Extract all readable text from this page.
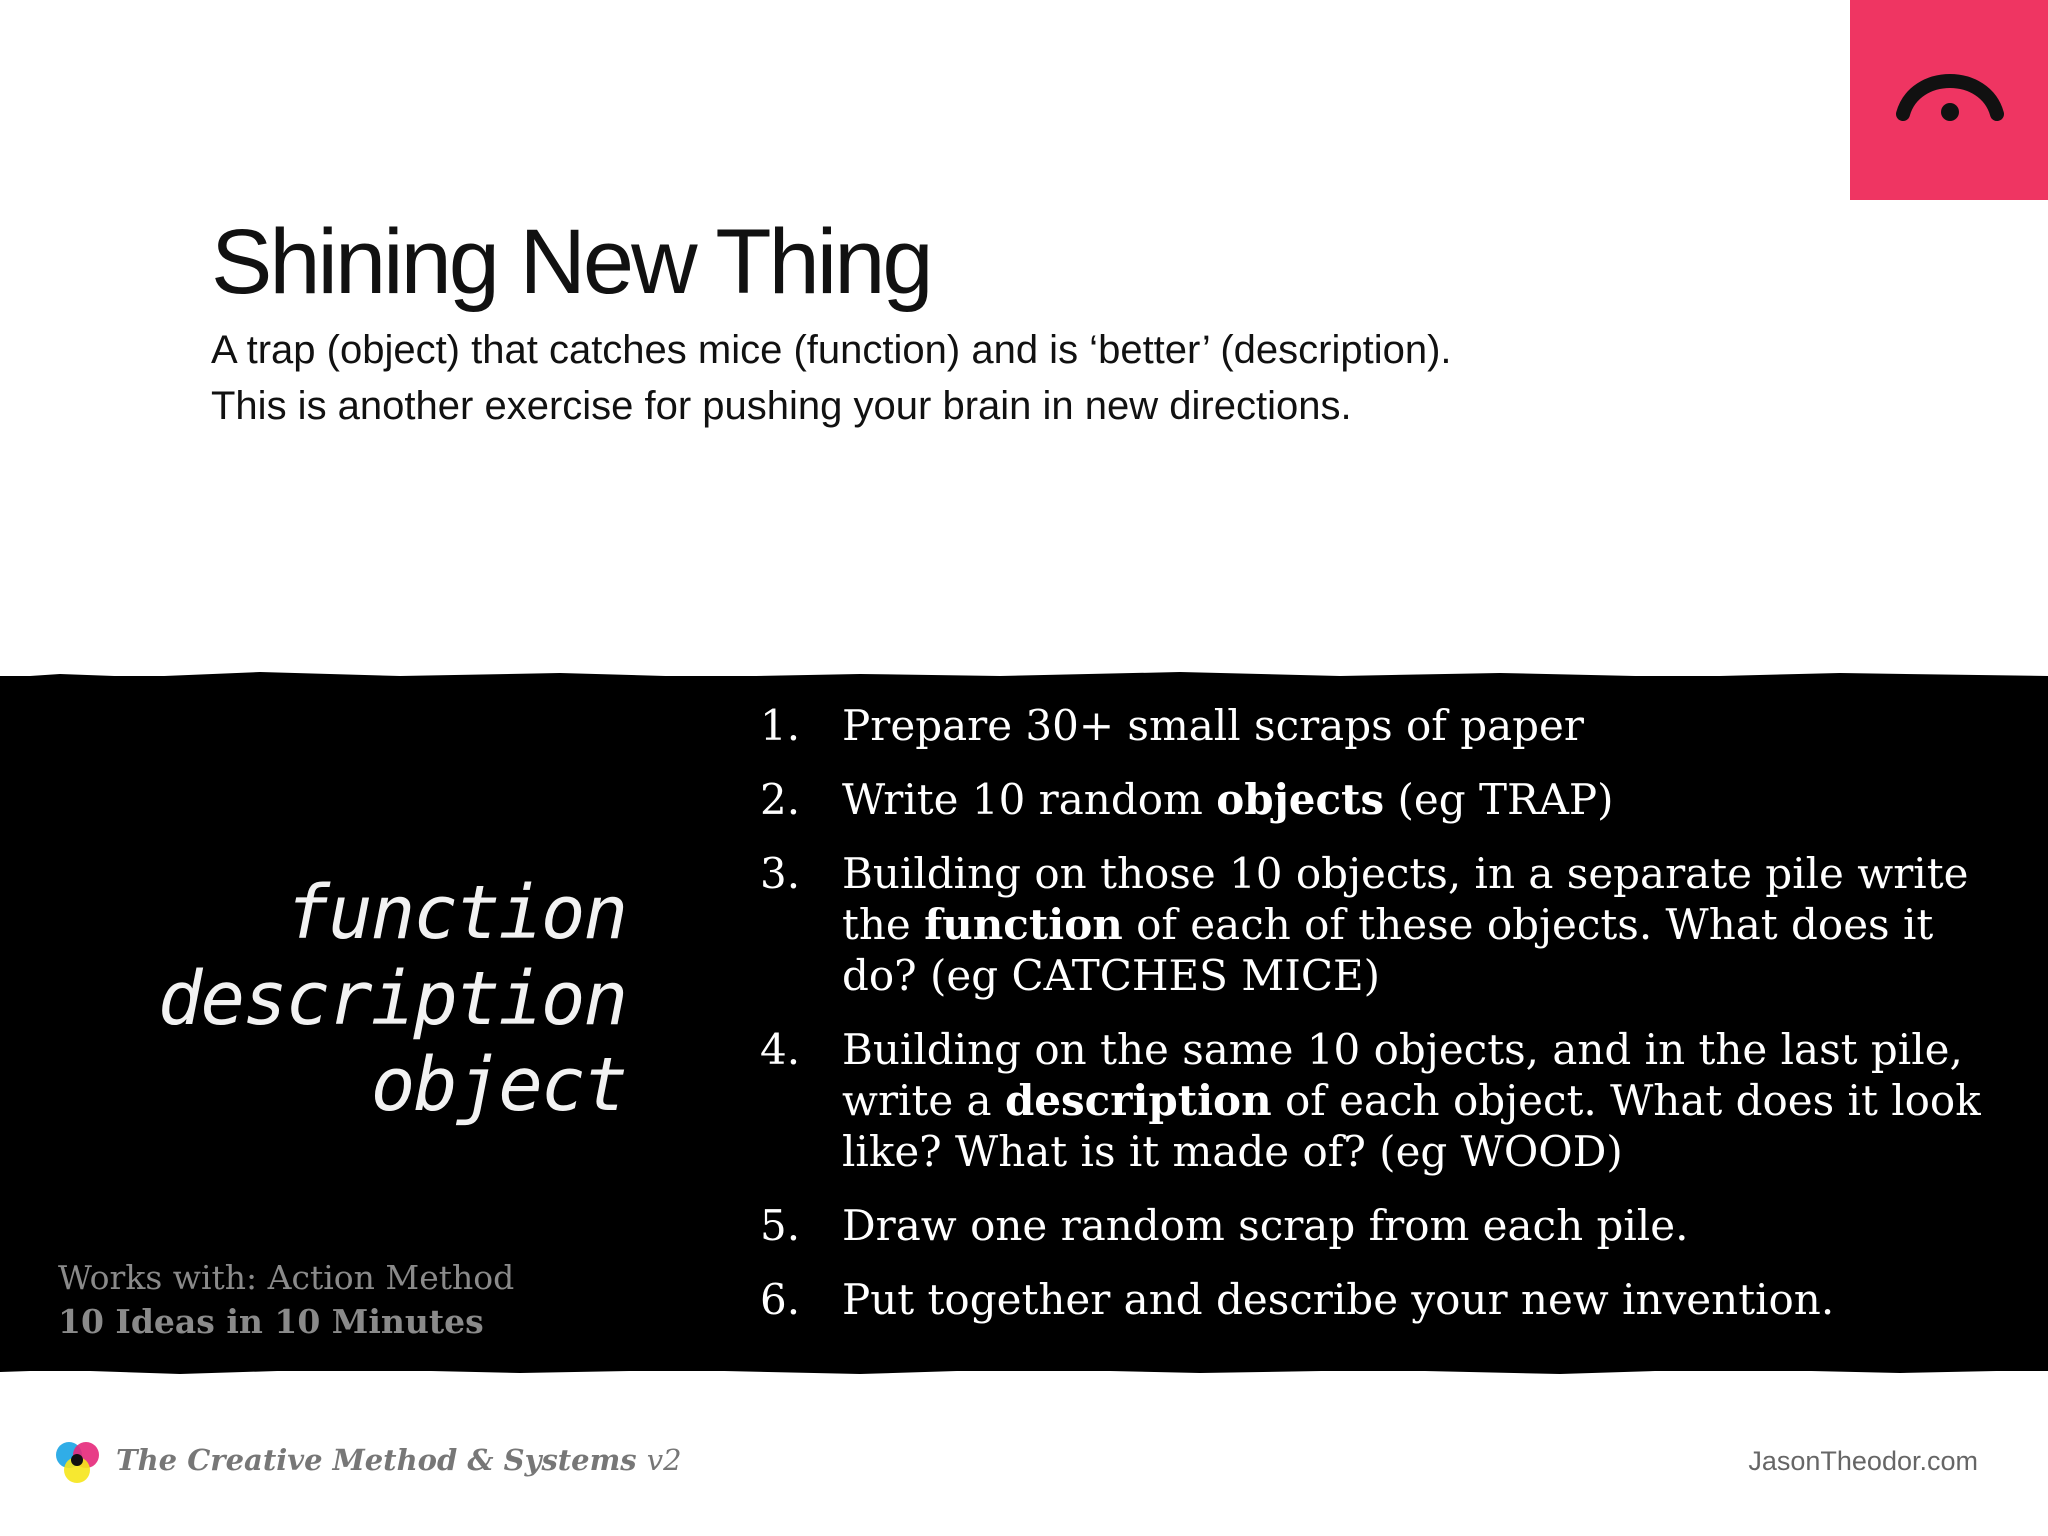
Shining New Thing
A trap (object) that catches mice (function) and is ‘better’ (description).
This is another exercise for pushing your brain in new directions.
function
description
object
Works with: Action Method
10 Ideas in 10 Minutes
1. Prepare 30+ small scraps of paper
2. Write 10 random objects (eg TRAP)
3. Building on those 10 objects, in a separate pile write the function of each of these objects. What does it do? (eg CATCHES MICE)
4. Building on the same 10 objects, and in the last pile, write a description of each object. What does it look like? What is it made of? (eg WOOD)
5. Draw one random scrap from each pile.
6. Put together and describe your new invention.
The Creative Method & Systems v2	JasonTheodor.com
